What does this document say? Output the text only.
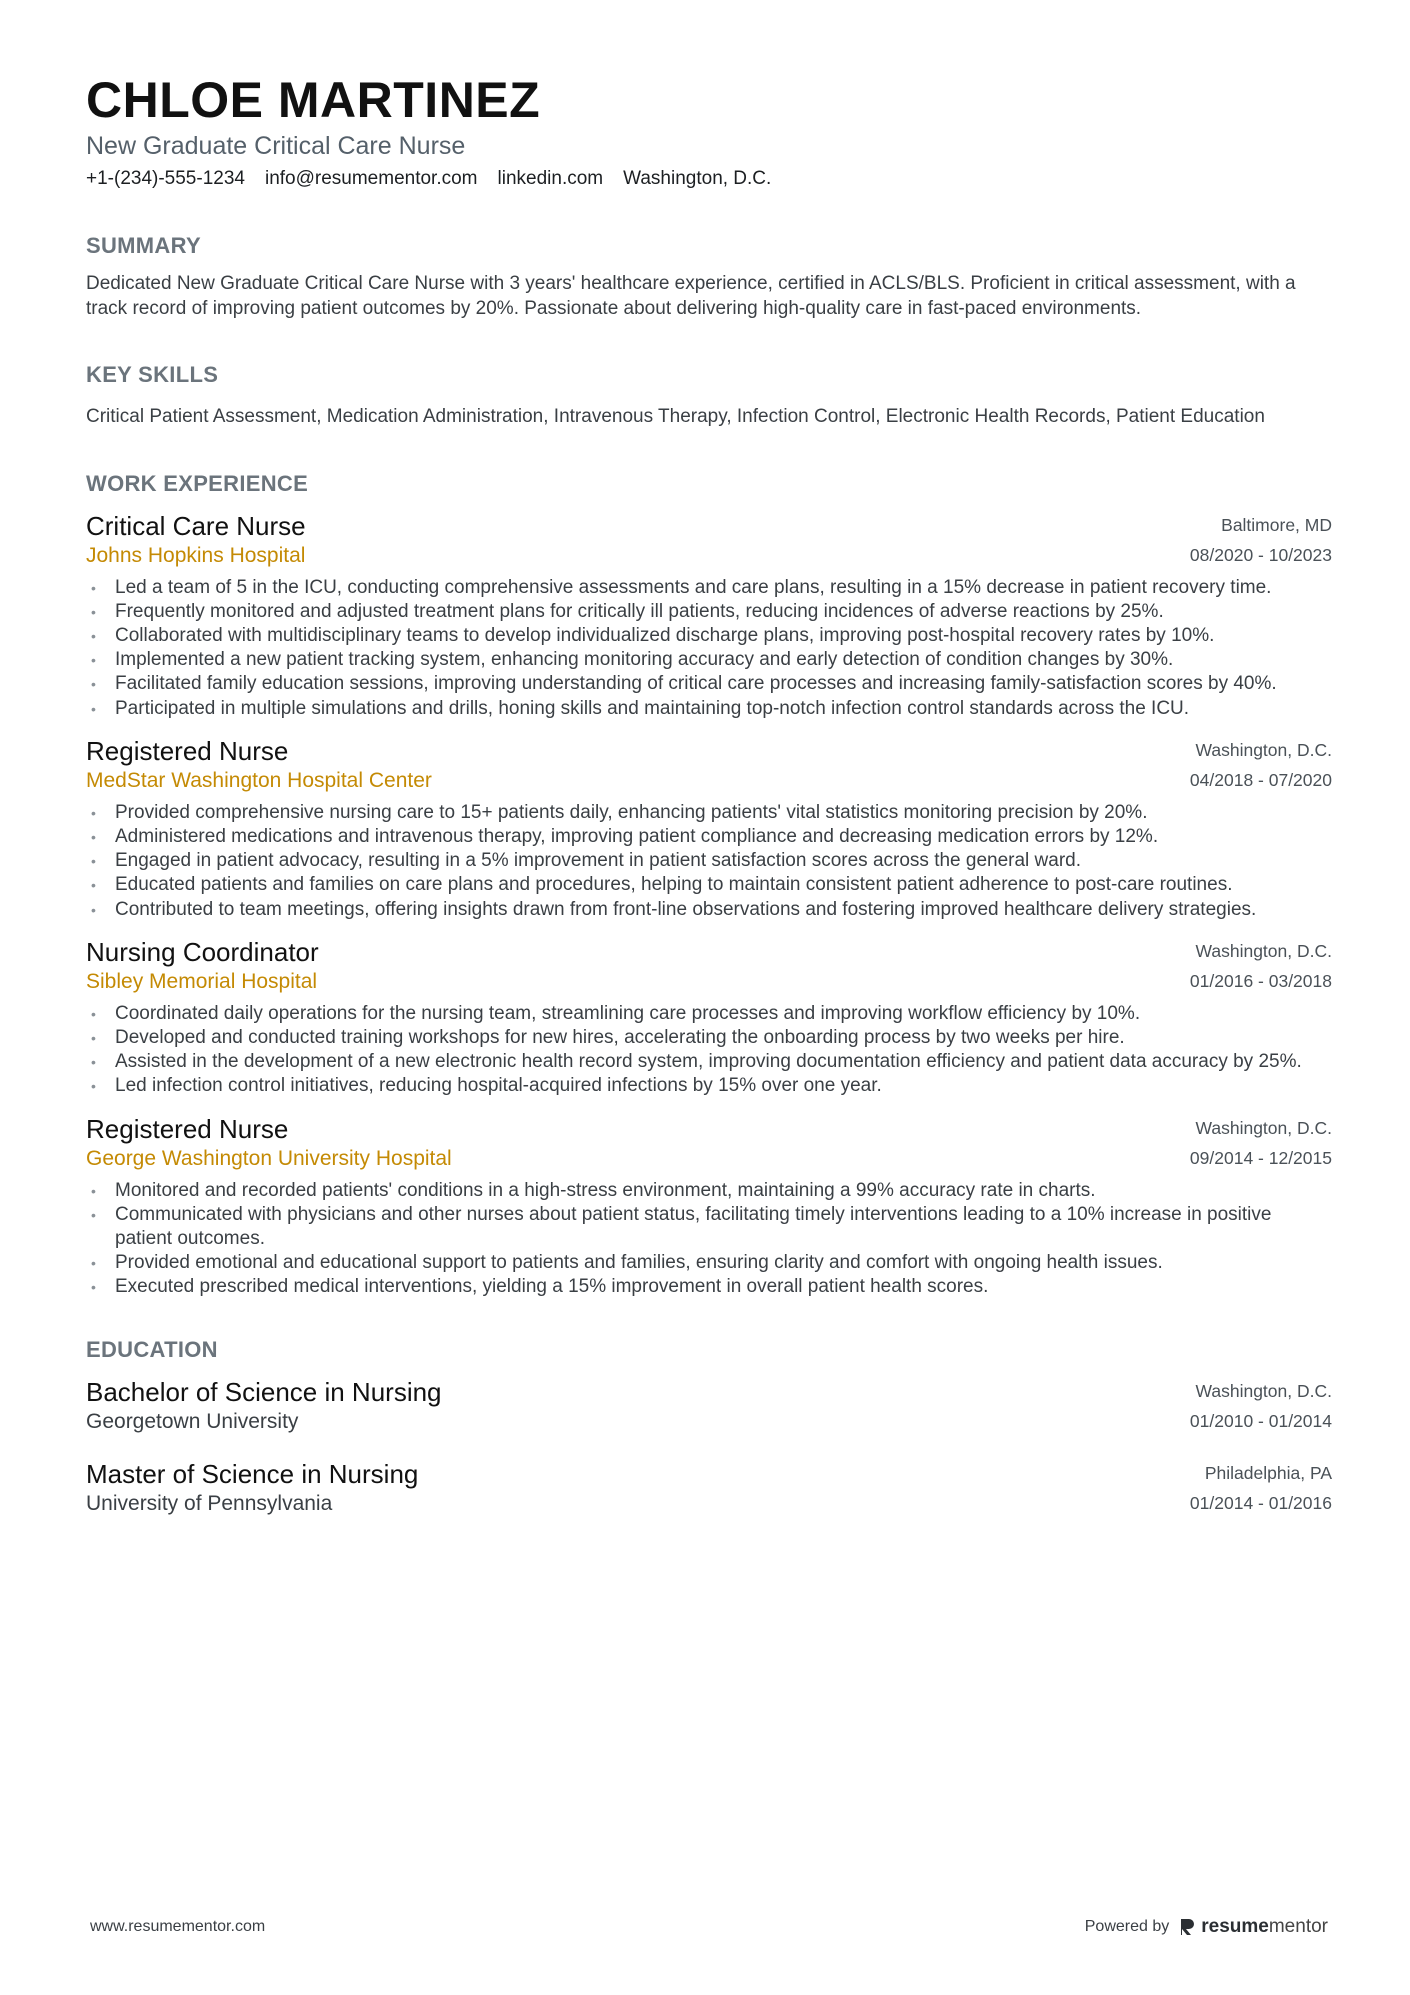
CHLOE MARTINEZ
New Graduate Critical Care Nurse
+1-(234)-555-1234 info@resumementor.com linkedin.com Washington, D.C.
SUMMARY

Dedicated New Graduate Critical Care Nurse with 3 years' healthcare experience, certified in ACLS/BLS. Proficient in critical assessment, with a track record of improving patient outcomes by 20%. Passionate about delivering high-quality care in fast-paced environments.

KEY SKILLS

Critical Patient Assessment, Medication Administration, Intravenous Therapy, Infection Control, Electronic Health Records, Patient Education

WORK EXPERIENCE
Critical Care Nurse
Johns Hopkins Hospital
Baltimore, MD
08/2020 - 10/2023
• Led a team of 5 in the ICU, conducting comprehensive assessments and care plans, resulting in a 15% decrease in patient recovery time.
• Frequently monitored and adjusted treatment plans for critically ill patients, reducing incidences of adverse reactions by 25%.
• Collaborated with multidisciplinary teams to develop individualized discharge plans, improving post-hospital recovery rates by 10%.
• Implemented a new patient tracking system, enhancing monitoring accuracy and early detection of condition changes by 30%.
• Facilitated family education sessions, improving understanding of critical care processes and increasing family-satisfaction scores by 40%.
• Participated in multiple simulations and drills, honing skills and maintaining top-notch infection control standards across the ICU.
Registered Nurse
MedStar Washington Hospital Center
Washington, D.C.
04/2018 - 07/2020
• Provided comprehensive nursing care to 15+ patients daily, enhancing patients' vital statistics monitoring precision by 20%.
• Administered medications and intravenous therapy, improving patient compliance and decreasing medication errors by 12%.
• Engaged in patient advocacy, resulting in a 5% improvement in patient satisfaction scores across the general ward.
• Educated patients and families on care plans and procedures, helping to maintain consistent patient adherence to post-care routines.
• Contributed to team meetings, offering insights drawn from front-line observations and fostering improved healthcare delivery strategies.
Nursing Coordinator
Sibley Memorial Hospital
Washington, D.C.
01/2016 - 03/2018
• Coordinated daily operations for the nursing team, streamlining care processes and improving workflow efficiency by 10%.
• Developed and conducted training workshops for new hires, accelerating the onboarding process by two weeks per hire.
• Assisted in the development of a new electronic health record system, improving documentation efficiency and patient data accuracy by 25%.
• Led infection control initiatives, reducing hospital-acquired infections by 15% over one year.
Registered Nurse
George Washington University Hospital
Washington, D.C.
09/2014 - 12/2015
• Monitored and recorded patients' conditions in a high-stress environment, maintaining a 99% accuracy rate in charts.
• Communicated with physicians and other nurses about patient status, facilitating timely interventions leading to a 10% increase in positive patient outcomes.
• Provided emotional and educational support to patients and families, ensuring clarity and comfort with ongoing health issues.
• Executed prescribed medical interventions, yielding a 15% improvement in overall patient health scores.
EDUCATION
Bachelor of Science in Nursing
Georgetown University
Washington, D.C.
01/2010 - 01/2014
Master of Science in Nursing
University of Pennsylvania
Philadelphia, PA
01/2014 - 01/2016
www.resumementor.com	Powered by resumementor
